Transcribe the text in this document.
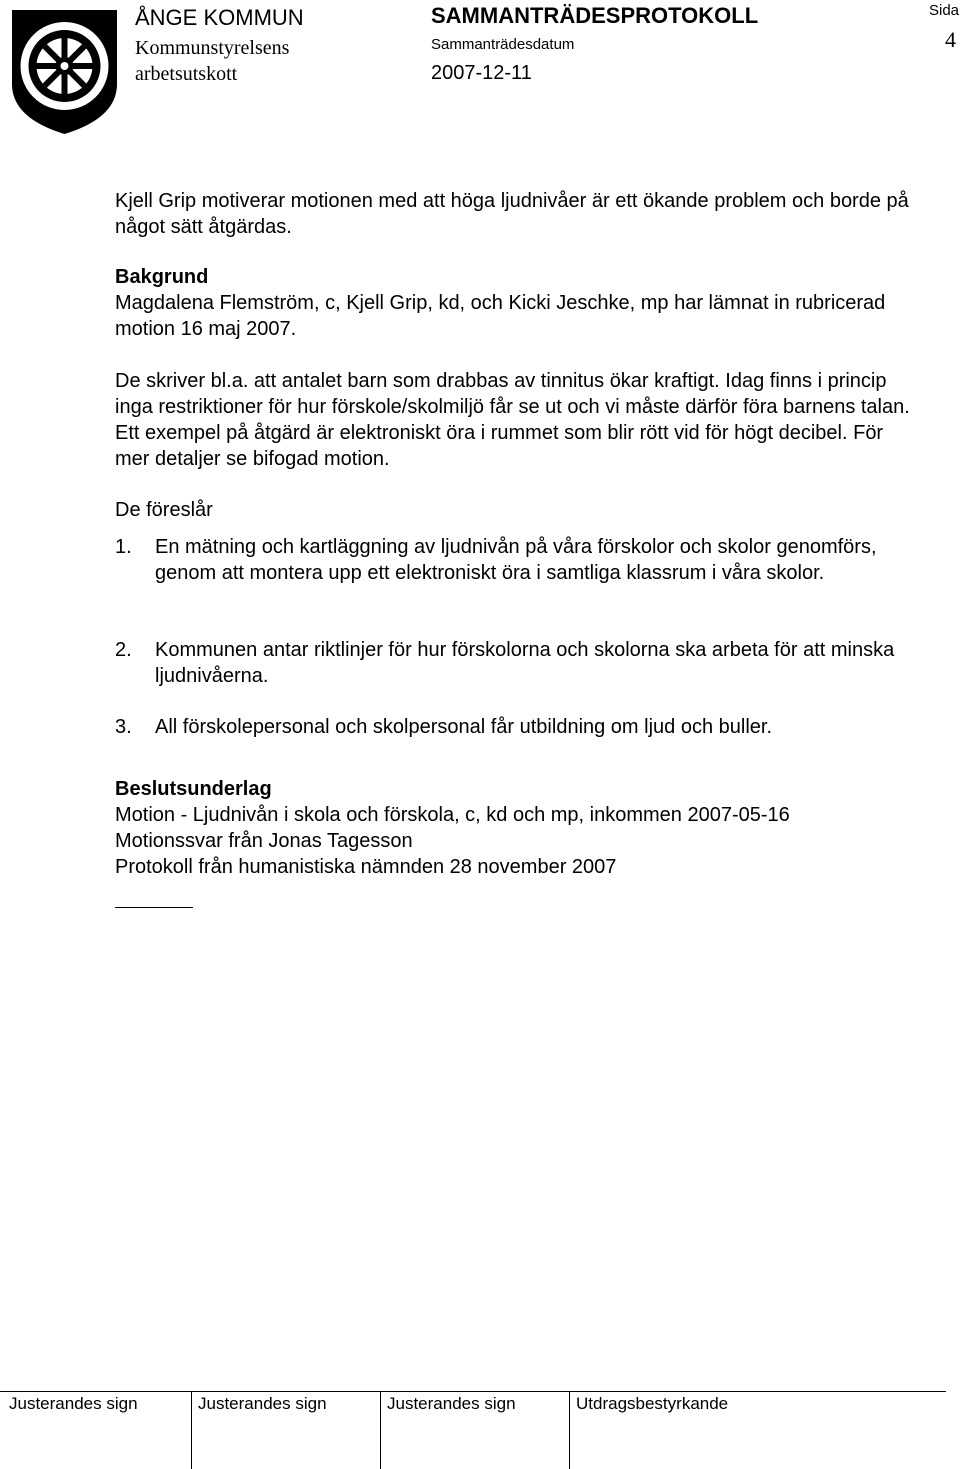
ÅNGE KOMMUN
Kommunstyrelsens
arbetsutskott
SAMMANTRÄDESPROTOKOLL
Sammanträdesdatum
2007-12-11
Sida
4

Kjell Grip motiverar motionen med att höga ljudnivåer är ett ökande problem och borde på något sätt åtgärdas.

Bakgrund

Magdalena Flemström, c, Kjell Grip, kd, och Kicki Jeschke, mp har lämnat in rubricerad motion 16 maj 2007.

De skriver bl.a. att antalet barn som drabbas av tinnitus ökar kraftigt. Idag finns i princip inga restriktioner för hur förskole/skolmiljö får se ut och vi måste därför föra barnens talan. Ett exempel på åtgärd är elektroniskt öra i rummet som blir rött vid för högt decibel. För mer detaljer se bifogad motion.

De föreslår

1. En mätning och kartläggning av ljudnivån på våra förskolor och skolor genomförs, genom att montera upp ett elektroniskt öra i samtliga klassrum i våra skolor.
2. Kommunen antar riktlinjer för hur förskolorna och skolorna ska arbeta för att minska ljudnivåerna.
3. All förskolepersonal och skolpersonal får utbildning om ljud och buller.

Beslutsunderlag

Motion - Ljudnivån i skola och förskola, c, kd och mp, inkommen 2007-05-16

Motionssvar från Jonas Tagesson

Protokoll från humanistiska nämnden 28 november 2007

Justerandes sign	Justerandes sign	Justerandes sign	Utdragsbestyrkande
